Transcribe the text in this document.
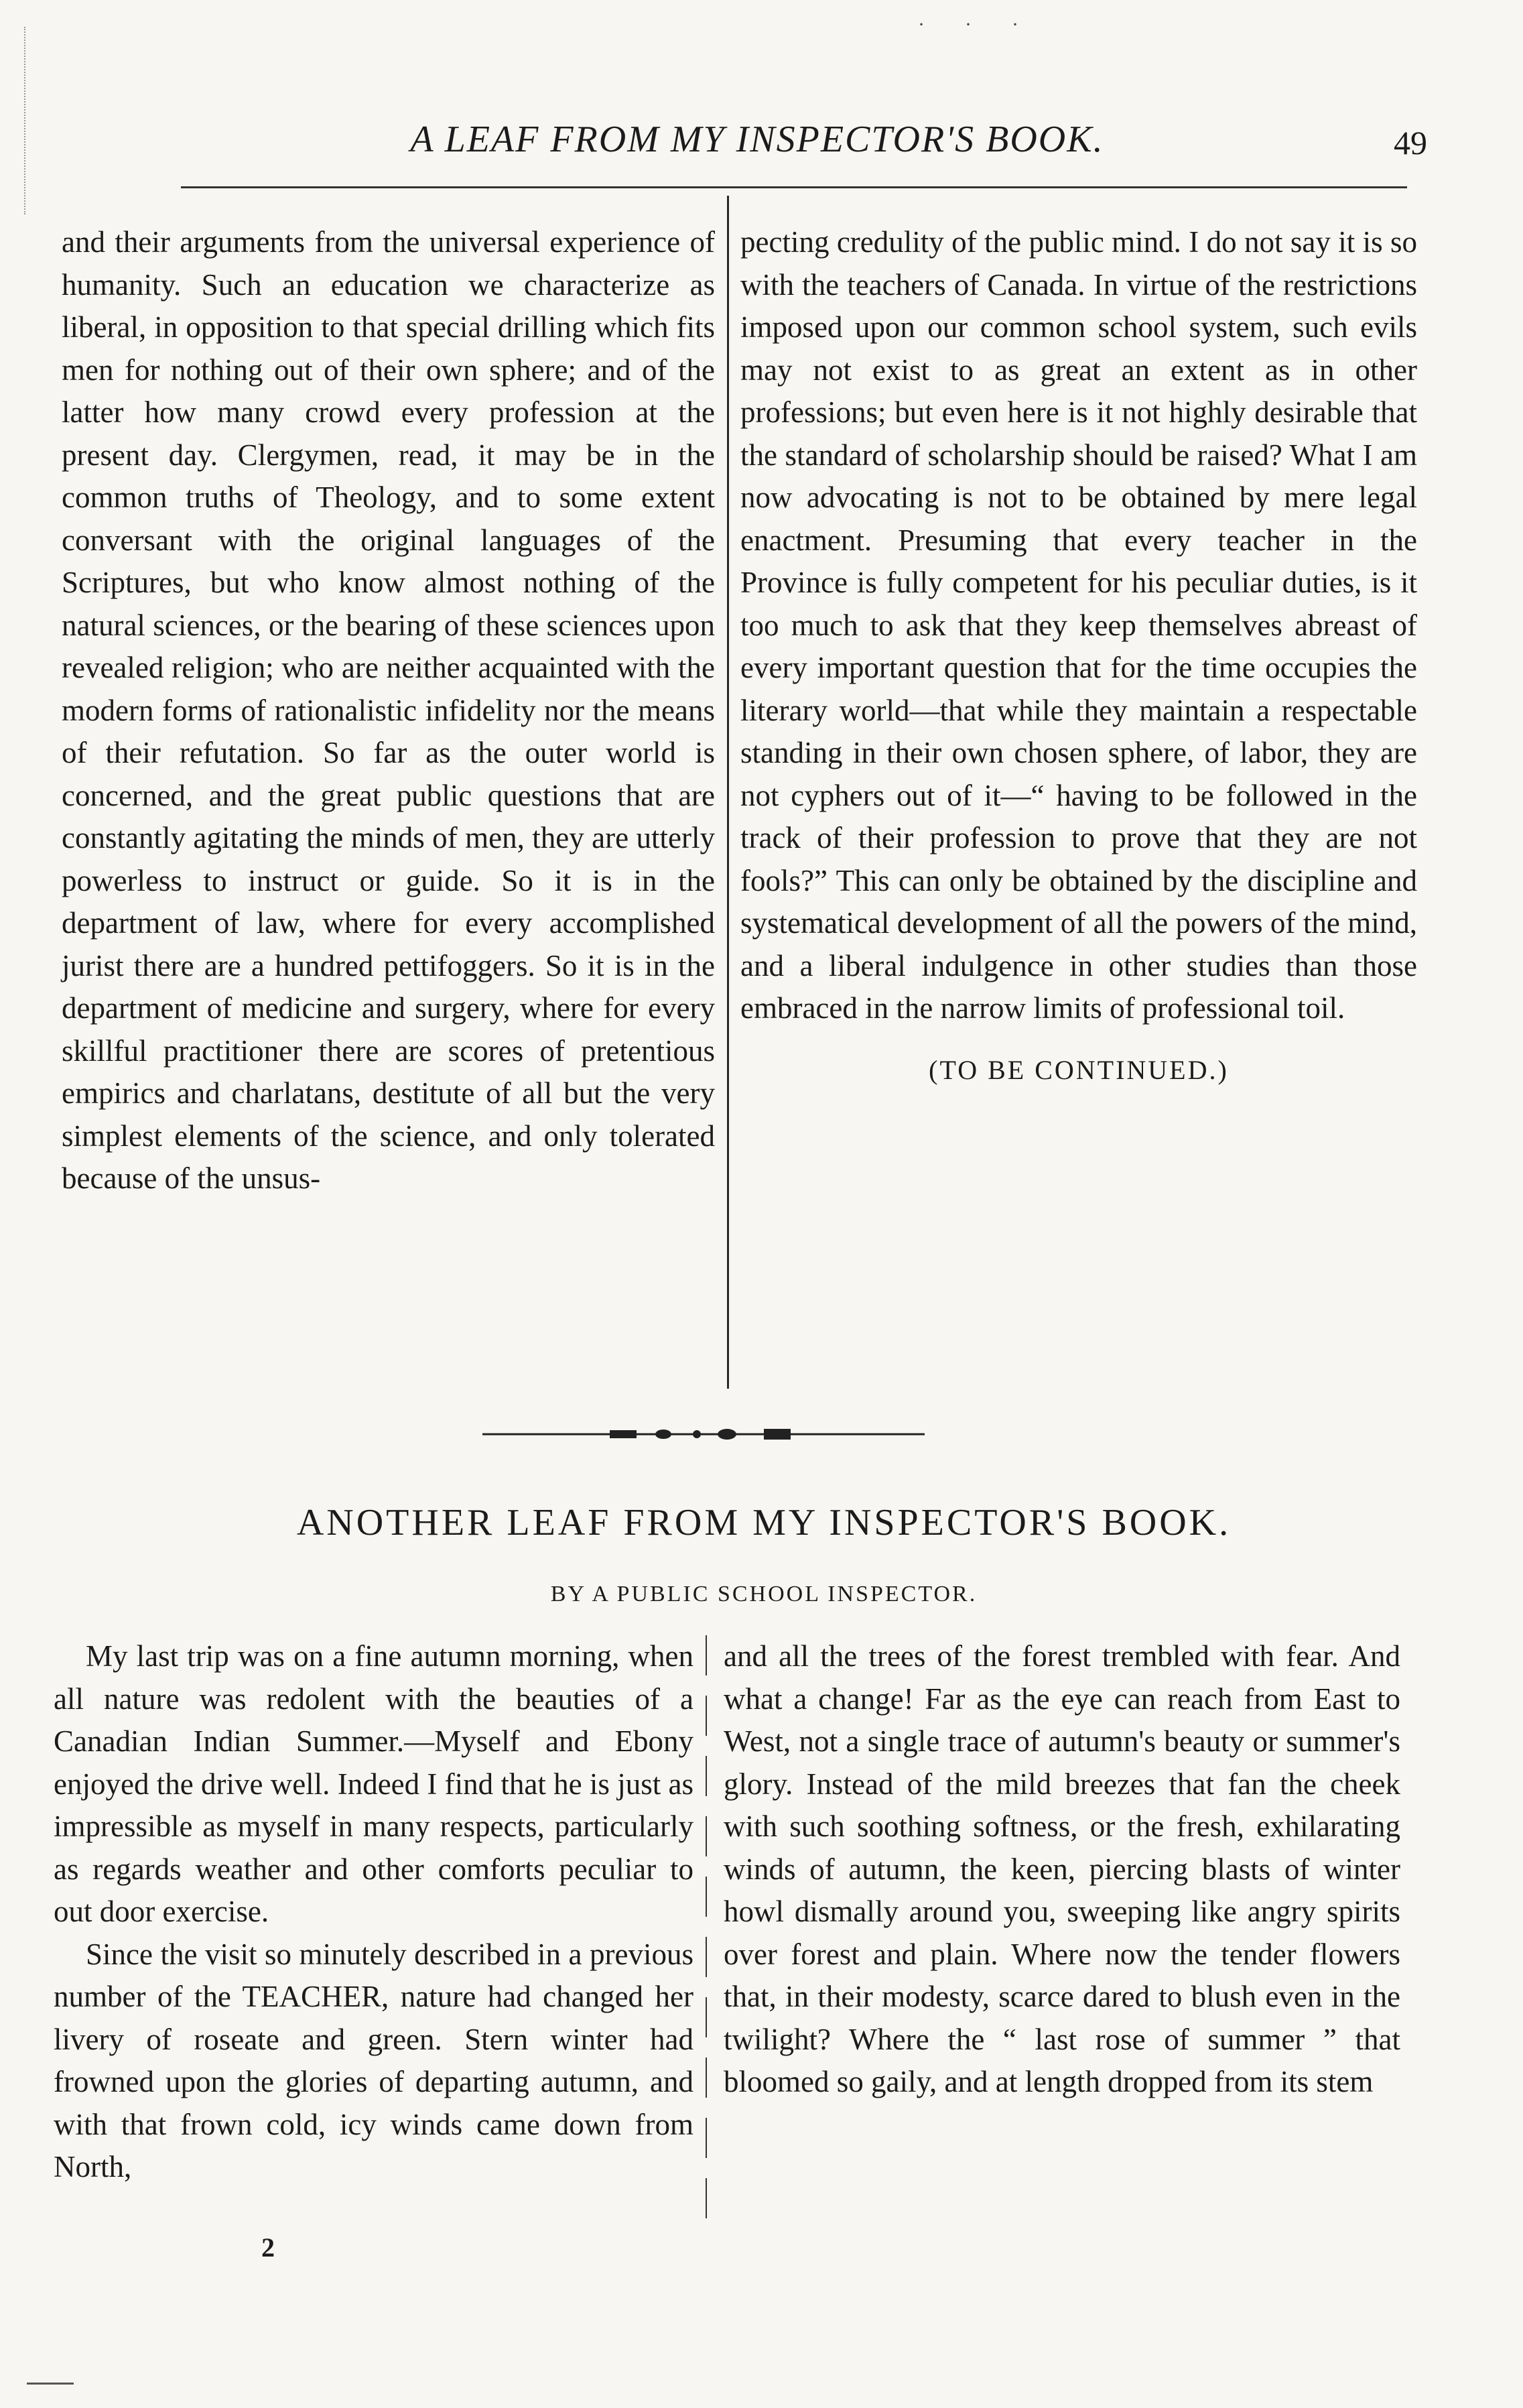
···
A LEAF FROM MY INSPECTOR'S BOOK.	49

and their arguments from the universal experience of humanity. Such an education we characterize as liberal, in opposition to that special drilling which fits men for nothing out of their own sphere; and of the latter how many crowd every profession at the present day. Clergymen, read, it may be in the common truths of Theology, and to some extent conversant with the original languages of the Scriptures, but who know almost nothing of the natural sciences, or the bearing of these sciences upon revealed religion; who are neither acquainted with the modern forms of rationalistic infidelity nor the means of their refutation. So far as the outer world is concerned, and the great public questions that are constantly agitating the minds of men, they are utterly powerless to instruct or guide. So it is in the department of law, where for every accomplished jurist there are a hundred pettifoggers. So it is in the department of medicine and surgery, where for every skillful practitioner there are scores of pretentious empirics and charlatans, destitute of all but the very simplest elements of the science, and only tolerated because of the unsus-

pecting credulity of the public mind. I do not say it is so with the teachers of Canada. In virtue of the restrictions imposed upon our common school system, such evils may not exist to as great an extent as in other professions; but even here is it not highly desirable that the standard of scholarship should be raised? What I am now advocating is not to be obtained by mere legal enactment. Presuming that every teacher in the Province is fully competent for his peculiar duties, is it too much to ask that they keep themselves abreast of every important question that for the time occupies the literary world—that while they maintain a respectable standing in their own chosen sphere, of labor, they are not cyphers out of it—“ having to be followed in the track of their profession to prove that they are not fools?” This can only be obtained by the discipline and systematical development of all the powers of the mind, and a liberal indulgence in other studies than those embraced in the narrow limits of professional toil.

(TO BE CONTINUED.)

ANOTHER LEAF FROM MY INSPECTOR'S BOOK.
BY A PUBLIC SCHOOL INSPECTOR.

My last trip was on a fine autumn morning, when all nature was redolent with the beauties of a Canadian Indian Summer.—Myself and Ebony enjoyed the drive well. Indeed I find that he is just as impressible as myself in many respects, particularly as regards weather and other comforts peculiar to out door exercise.

Since the visit so minutely described in a previous number of the TEACHER, nature had changed her livery of roseate and green. Stern winter had frowned upon the glories of departing autumn, and with that frown cold, icy winds came down from North,

and all the trees of the forest trembled with fear. And what a change! Far as the eye can reach from East to West, not a single trace of autumn's beauty or summer's glory. Instead of the mild breezes that fan the cheek with such soothing softness, or the fresh, exhilarating winds of autumn, the keen, piercing blasts of winter howl dismally around you, sweeping like angry spirits over forest and plain. Where now the tender flowers that, in their modesty, scarce dared to blush even in the twilight? Where the “ last rose of summer ” that bloomed so gaily, and at length dropped from its stem

2
